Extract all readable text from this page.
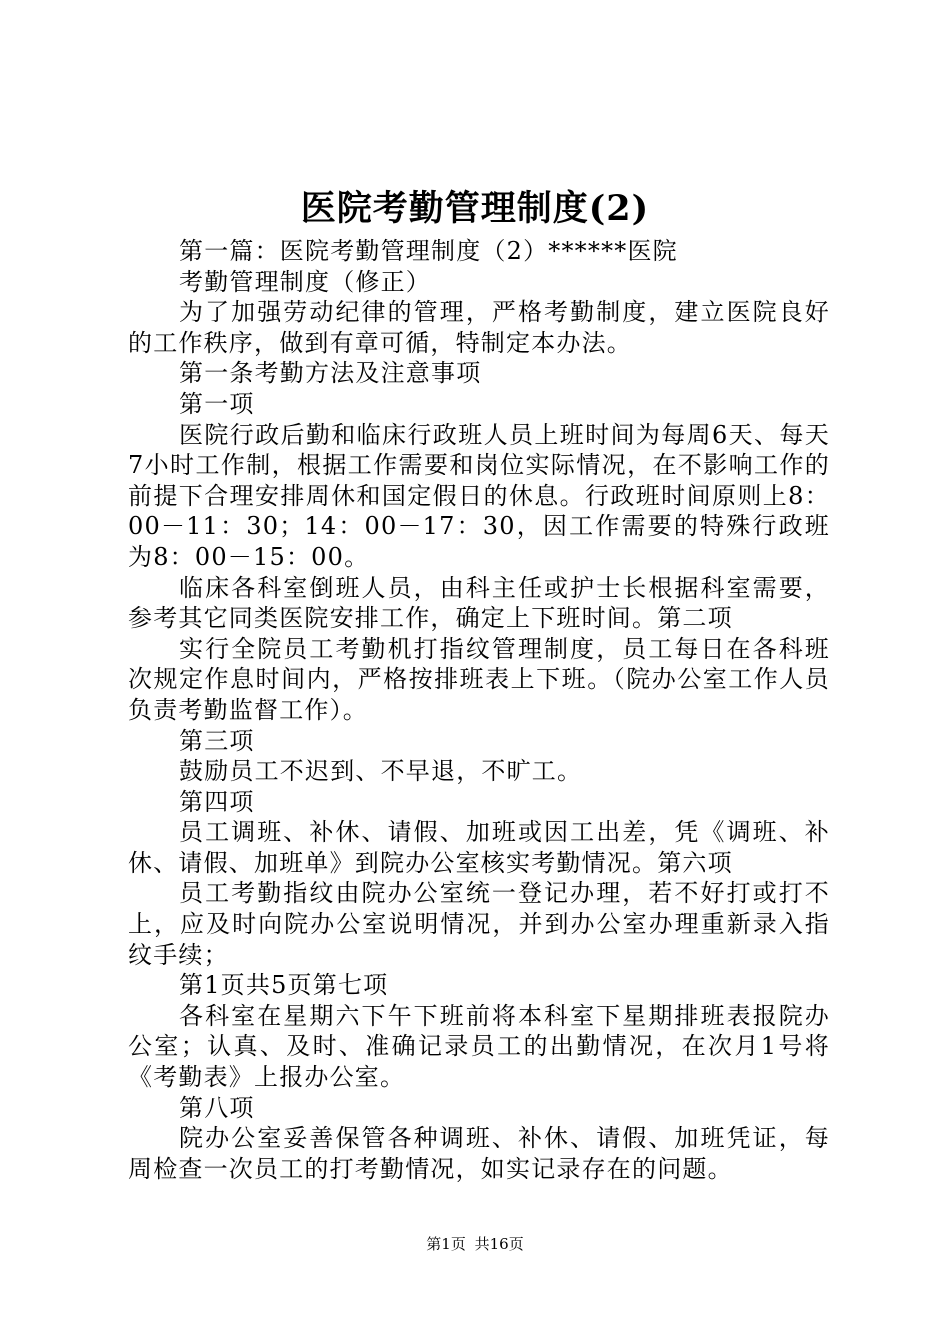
医院考勤管理制度(2)

第一篇：医院考勤管理制度（2）******医院

考勤管理制度（修正）

为了加强劳动纪律的管理，严格考勤制度，建立医院良好的工作秩序，做到有章可循，特制定本办法。

第一条考勤方法及注意事项

第一项

医院行政后勤和临床行政班人员上班时间为每周6天、每天7小时工作制，根据工作需要和岗位实际情况，在不影响工作的前提下合理安排周休和国定假日的休息。行政班时间原则上8：00－11：30；14：00－17：30，因工作需要的特殊行政班为8：00－15：00。

临床各科室倒班人员，由科主任或护士长根据科室需要，参考其它同类医院安排工作，确定上下班时间。第二项

实行全院员工考勤机打指纹管理制度，员工每日在各科班次规定作息时间内，严格按排班表上下班。（院办公室工作人员负责考勤监督工作）。

第三项

鼓励员工不迟到、不早退，不旷工。

第四项

员工调班、补休、请假、加班或因工出差，凭《调班、补休、请假、加班单》到院办公室核实考勤情况。第六项

员工考勤指纹由院办公室统一登记办理，若不好打或打不上，应及时向院办公室说明情况，并到办公室办理重新录入指纹手续；

第1页共5页第七项

各科室在星期六下午下班前将本科室下星期排班表报院办公室；认真、及时、准确记录员工的出勤情况，在次月1号将《考勤表》上报办公室。

第八项

院办公室妥善保管各种调班、补休、请假、加班凭证，每周检查一次员工的打考勤情况，如实记录存在的问题。

第1页 共16页
